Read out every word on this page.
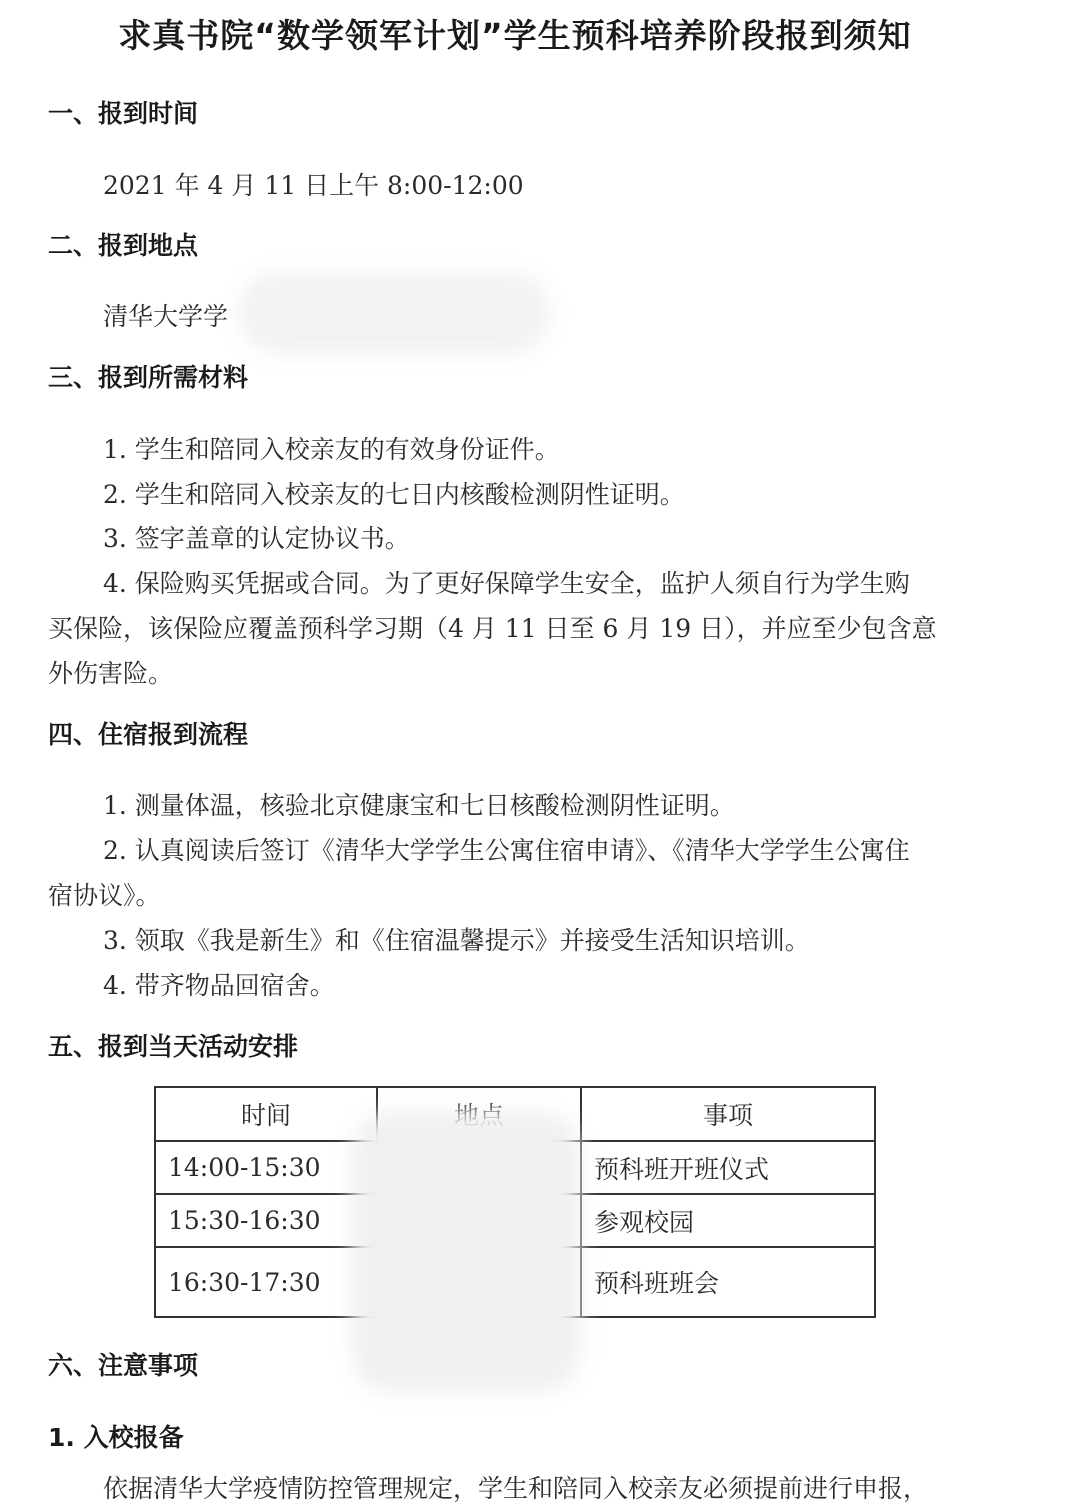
求真书院“数学领军计划”学生预科培养阶段报到须知
一、报到时间
2021 年 4 月 11 日上午 8:00-12:00
二、报到地点
清华大学学
三、报到所需材料
1. 学生和陪同入校亲友的有效身份证件。
2. 学生和陪同入校亲友的七日内核酸检测阴性证明。
3. 签字盖章的认定协议书。
4. 保险购买凭据或合同。为了更好保障学生安全，监护人须自行为学生购
买保险，该保险应覆盖预科学习期（4 月 11 日至 6 月 19 日），并应至少包含意
外伤害险。
四、住宿报到流程
1. 测量体温，核验北京健康宝和七日核酸检测阴性证明。
2. 认真阅读后签订《清华大学学生公寓住宿申请》、《清华大学学生公寓住
宿协议》。
3. 领取《我是新生》和《住宿温馨提示》并接受生活知识培训。
4. 带齐物品回宿舍。
五、报到当天活动安排
时间		事项
14:00-15:30		预科班开班仪式
15:30-16:30		参观校园
16:30-17:30		预科班班会
六、注意事项
1. 入校报备
依据清华大学疫情防控管理规定，学生和陪同入校亲友必须提前进行申报，
